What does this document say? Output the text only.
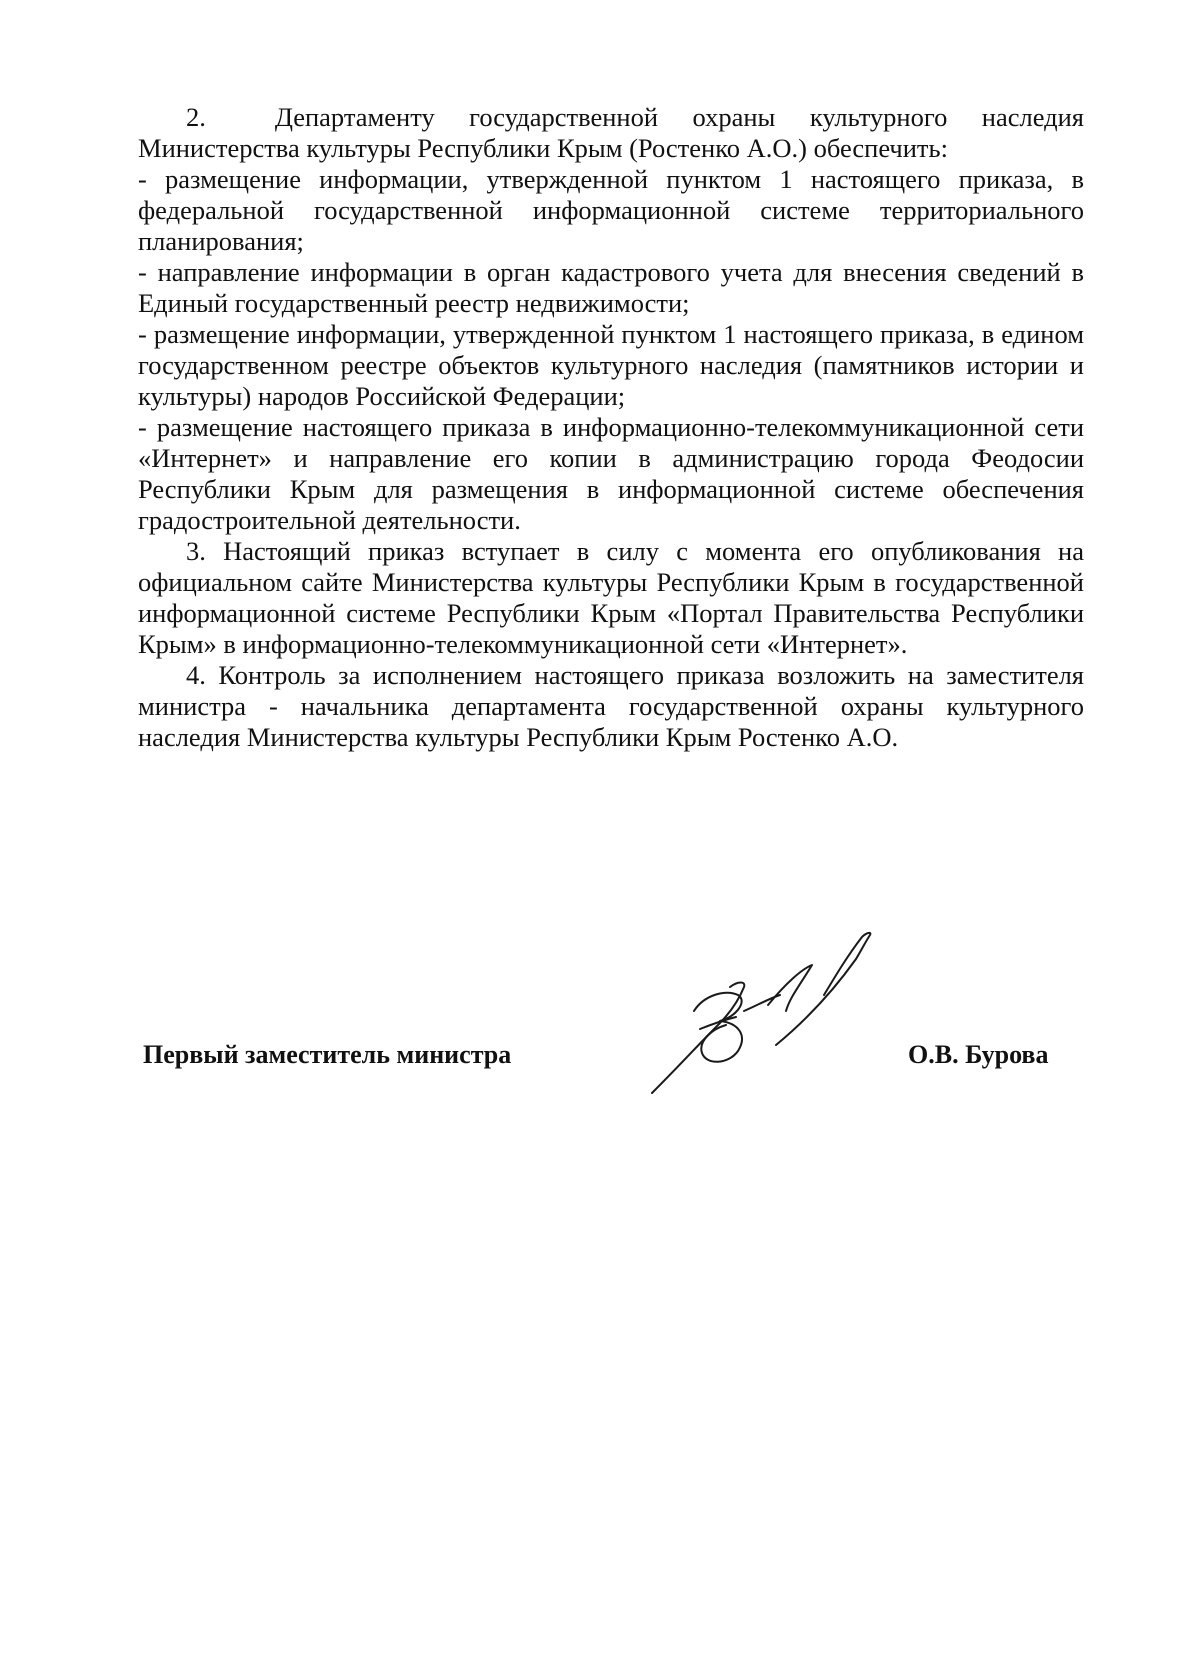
2.  Департаменту государственной охраны культурного наследия Министерства культуры Республики Крым (Ростенко А.О.) обеспечить:

- размещение информации, утвержденной пунктом 1 настоящего приказа, в федеральной государственной информационной системе территориального планирования;

- направление информации в орган кадастрового учета для внесения сведений в Единый государственный реестр недвижимости;

- размещение информации, утвержденной пунктом 1 настоящего приказа, в едином государственном реестре объектов культурного наследия (памятников истории и культуры) народов Российской Федерации;

- размещение настоящего приказа в информационно-телекоммуникационной сети «Интернет» и направление его копии в администрацию города Феодосии Республики Крым для размещения в информационной системе обеспечения градостроительной деятельности.

3. Настоящий приказ вступает в силу с момента его опубликования на официальном сайте Министерства культуры Республики Крым в государственной информационной системе Республики Крым «Портал Правительства Республики Крым» в информационно-телекоммуникационной сети «Интернет».

4. Контроль за исполнением настоящего приказа возложить на заместителя министра - начальника департамента государственной охраны культурного наследия Министерства культуры Республики Крым Ростенко А.О.

Первый заместитель министра	О.В. Бурова
